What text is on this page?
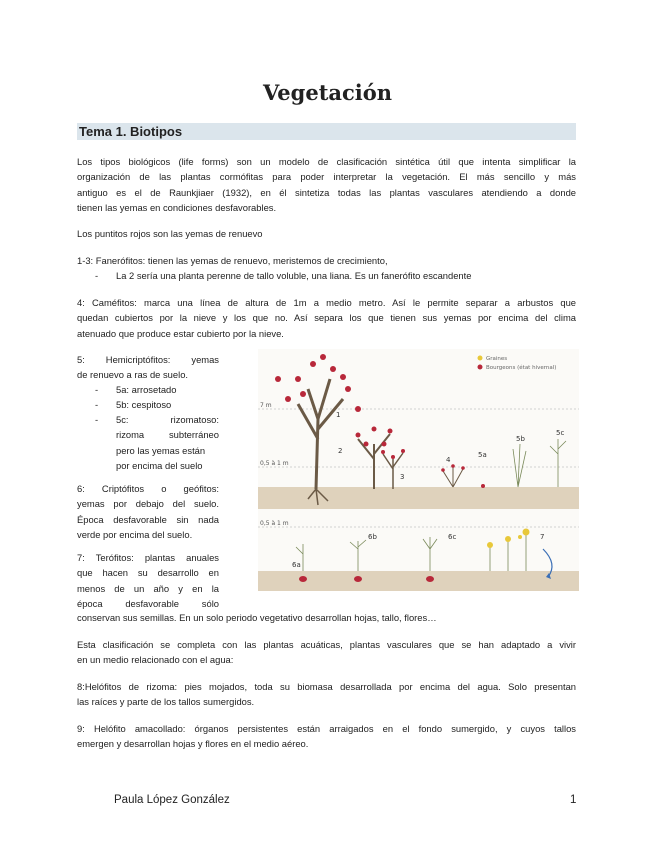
Vegetación
Tema 1. Biotipos
Los tipos biológicos (life forms) son un modelo de clasificación sintética útil que intenta simplificar la
organización de las plantas cormófitas para poder interpretar la vegetación. El más sencillo y más
antiguo es el de Raunkjiaer (1932), en él sintetiza todas las plantas vasculares atendiendo a donde
tienen las yemas en condiciones desfavorables.
Los puntitos rojos son las yemas de renuevo
1-3: Fanerófitos: tienen las yemas de renuevo, meristemos de crecimiento,
- La 2 sería una planta perenne de tallo voluble, una liana. Es un fanerófito escandente
4: Caméfitos: marca una línea de altura de 1m a medio metro. Así le permite separar a arbustos que
quedan cubiertos por la nieve y los que no. Así separa los que tienen sus yemas por encima del clima
atenuado que produce estar cubierto por la nieve.
5: Hemicriptófitos: yemas
de renuevo a ras de suelo.
- 5a: arrosetado
- 5b: cespitoso
- 5c: rizomatoso:
rizoma subterráneo
pero las yemas están
por encima del suelo
6: Criptófitos o geófitos:
yemas por debajo del suelo.
Época desfavorable sin nada
verde por encima del suelo.
7: Terófitos: plantas anuales
que hacen su desarrollo en
menos de un año y en la
época desfavorable sólo
conservan sus semillas. En un solo periodo vegetativo desarrollan hojas, tallo, flores…
Graines
Bourgeons (état hivernal)
7 m
0,5 à 1 m
0,5 à 1 m
1
2
3
4
5a
5b
5c
6a
6b	6c	7
Esta clasificación se completa con las plantas acuáticas, plantas vasculares que se han adaptado a vivir
en un medio relacionado con el agua:
8:Helófitos de rizoma: pies mojados, toda su biomasa desarrollada por encima del agua. Solo presentan
las raíces y parte de los tallos sumergidos.
9: Helófito amacollado: órganos persistentes están arraigados en el fondo sumergido, y cuyos tallos
emergen y desarrollan hojas y flores en el medio aéreo.
Paula López González	1
